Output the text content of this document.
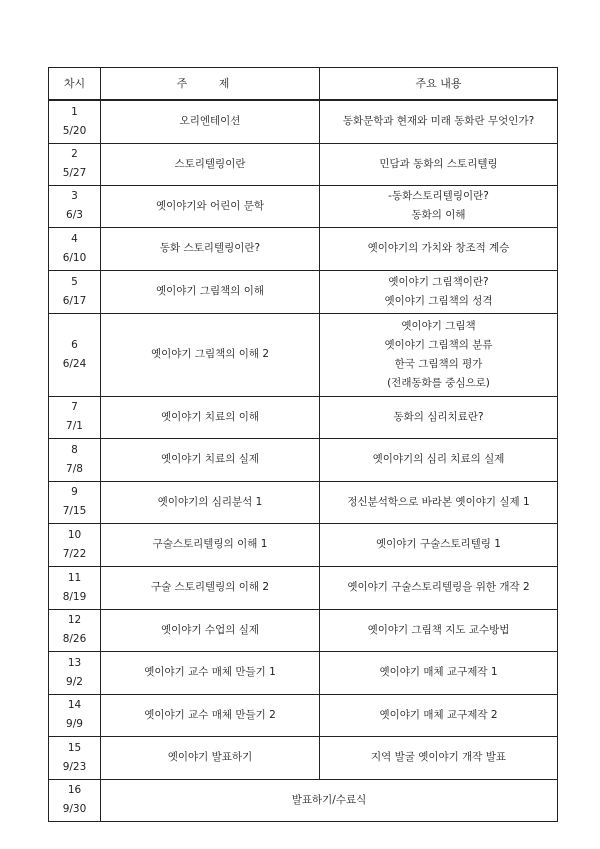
차시	주 제	주요 내용

1
5/20	오리엔테이션	동화문학과 현재와 미래 동화란 무엇인가?

2
5/27	스토리텔링이란	민담과 동화의 스토리텔링

3
6/3	옛이야기와 어린이 문학	-동화스토리텔링이란?
동화의 이해

4
6/10	동화 스토리텔링이란?	옛이야기의 가치와 창조적 계승

5
6/17	옛이야기 그림책의 이해	옛이야기 그림책이란?
옛이야기 그림책의 성격

6
6/24	옛이야기 그림책의 이해 2	옛이야기 그림책
옛이야기 그림책의 분류
한국 그림책의 평가
(전래동화를 중심으로)

7
7/1	옛이야기 치료의 이해	동화의 심리치료란?

8
7/8	옛이야기 치료의 실제	옛이야기의 심리 치료의 실제

9
7/15	옛이야기의 심리분석 1	정신분석학으로 바라본 옛이야기 실제 1

10
7/22	구술스토리텔링의 이해 1	옛이야기 구술스토리텔링 1

11
8/19	구술 스토리텔링의 이해 2	옛이야기 구술스토리텔링을 위한 개작 2

12
8/26	옛이야기 수업의 실제	옛이야기 그림책 지도 교수방법

13
9/2	옛이야기 교수 매체 만들기 1	옛이야기 매체 교구제작 1

14
9/9	옛이야기 교수 매체 만들기 2	옛이야기 매체 교구제작 2

15
9/23	옛이야기 발표하기	지역 발굴 옛이야기 개작 발표

16
9/30	발표하기/수료식	
